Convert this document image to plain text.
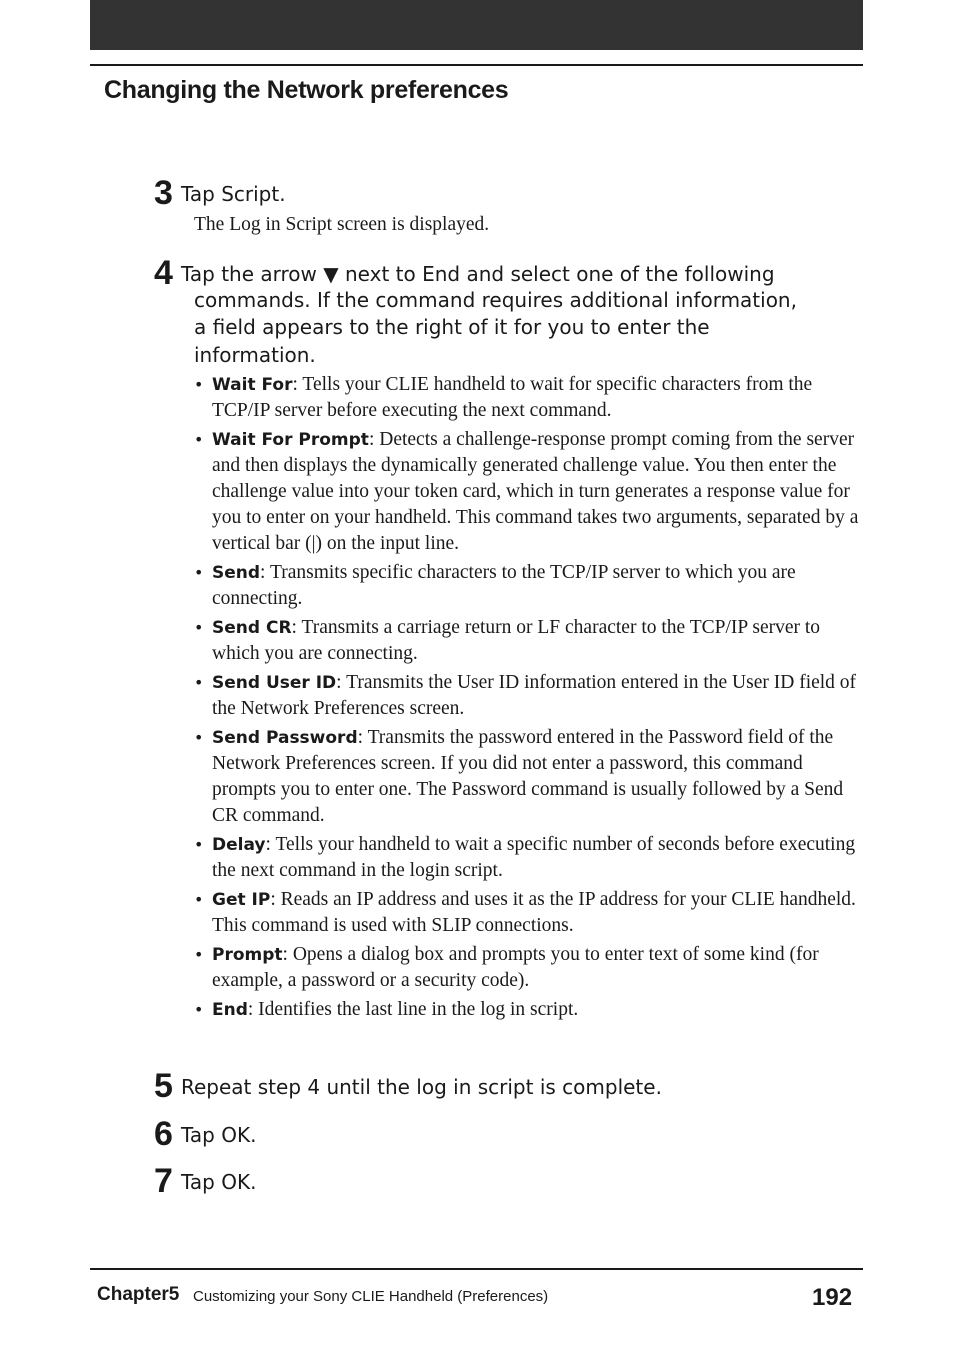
Changing the Network preferences
3 Tap Script.
The Log in Script screen is displayed.
4 Tap the arrow ▼ next to End and select one of the following
commands. If the command requires additional information,
a field appears to the right of it for you to enter the
information.
• Wait For: Tells your CLIE handheld to wait for specific characters from the TCP/IP server before executing the next command.
• Wait For Prompt: Detects a challenge-response prompt coming from the server and then displays the dynamically generated challenge value. You then enter the challenge value into your token card, which in turn generates a response value for you to enter on your handheld. This command takes two arguments, separated by a vertical bar (|) on the input line.
• Send: Transmits specific characters to the TCP/IP server to which you are connecting.
• Send CR: Transmits a carriage return or LF character to the TCP/IP server to which you are connecting.
• Send User ID: Transmits the User ID information entered in the User ID field of the Network Preferences screen.
• Send Password: Transmits the password entered in the Password field of the Network Preferences screen. If you did not enter a password, this command prompts you to enter one. The Password command is usually followed by a Send CR command.
• Delay: Tells your handheld to wait a specific number of seconds before executing the next command in the login script.
• Get IP: Reads an IP address and uses it as the IP address for your CLIE handheld. This command is used with SLIP connections.
• Prompt: Opens a dialog box and prompts you to enter text of some kind (for example, a password or a security code).
• End: Identifies the last line in the log in script.
5 Repeat step 4 until the log in script is complete.
6 Tap OK.
7 Tap OK.
Chapter5 Customizing your Sony CLIE Handheld (Preferences)	192
